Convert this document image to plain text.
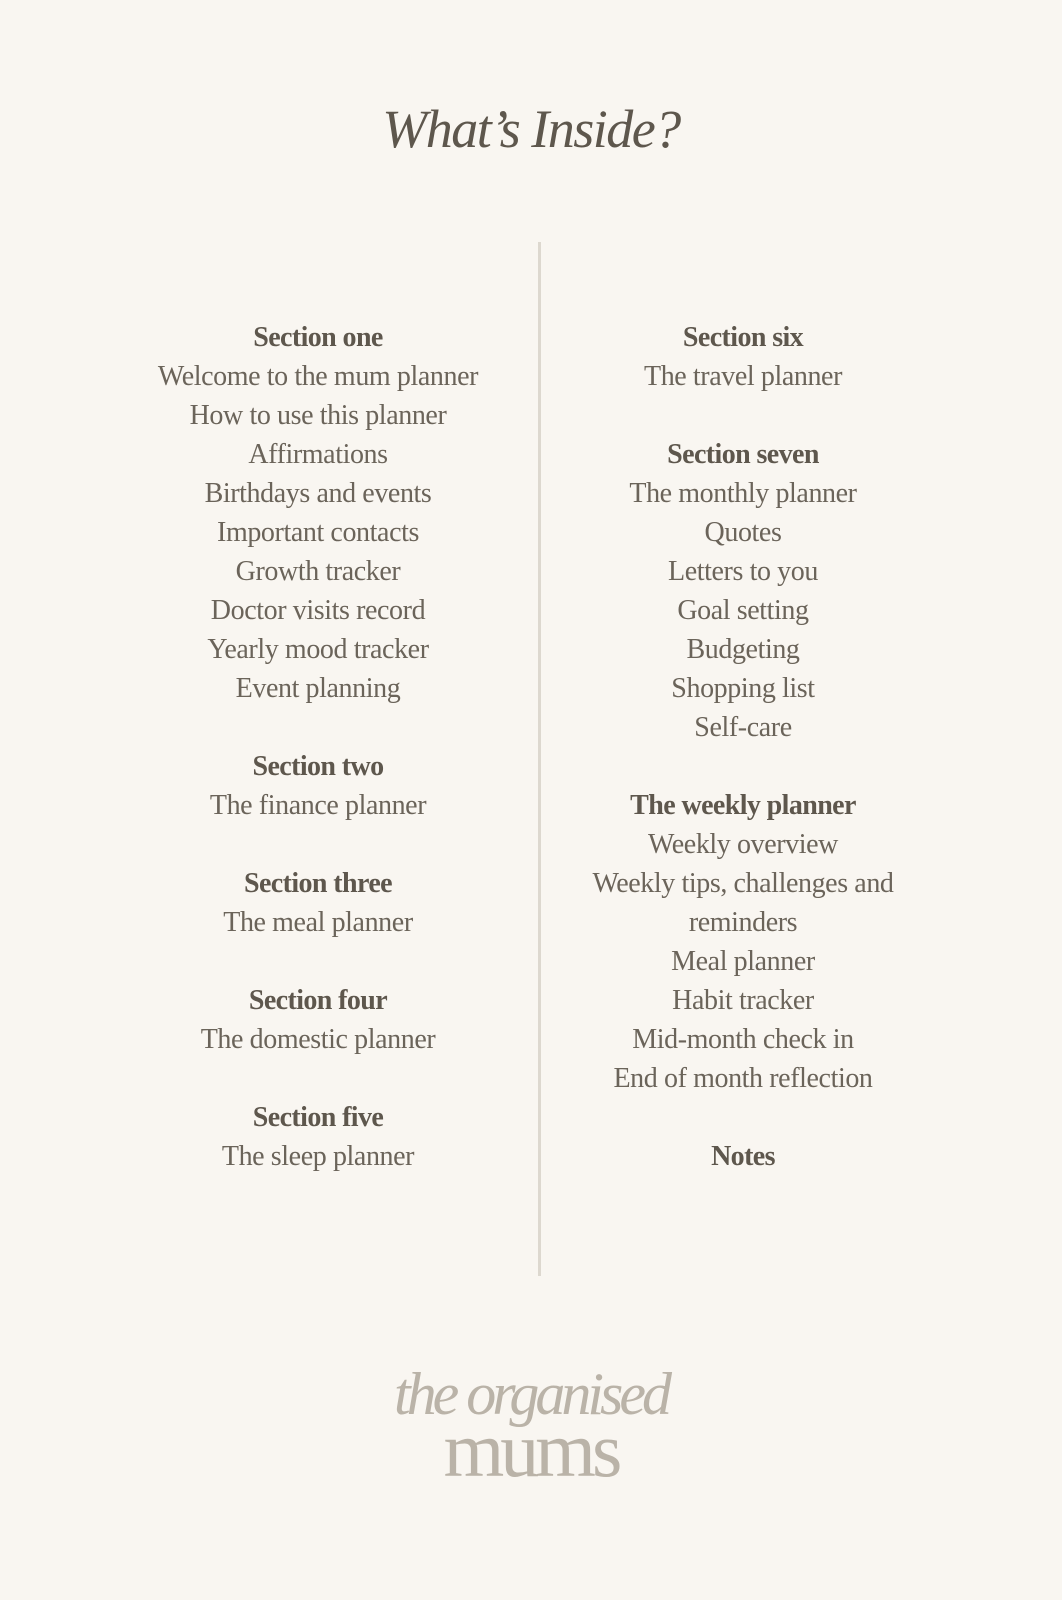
What’s Inside?
Section one
Welcome to the mum planner
How to use this planner
Affirmations
Birthdays and events
Important contacts
Growth tracker
Doctor visits record
Yearly mood tracker
Event planning
Section two
The finance planner
Section three
The meal planner
Section four
The domestic planner
Section five
The sleep planner
Section six
The travel planner
Section seven
The monthly planner
Quotes
Letters to you
Goal setting
Budgeting
Shopping list
Self-care
The weekly planner
Weekly overview
Weekly tips, challenges and
reminders
Meal planner
Habit tracker
Mid-month check in
End of month reflection
Notes
the organised
mums
